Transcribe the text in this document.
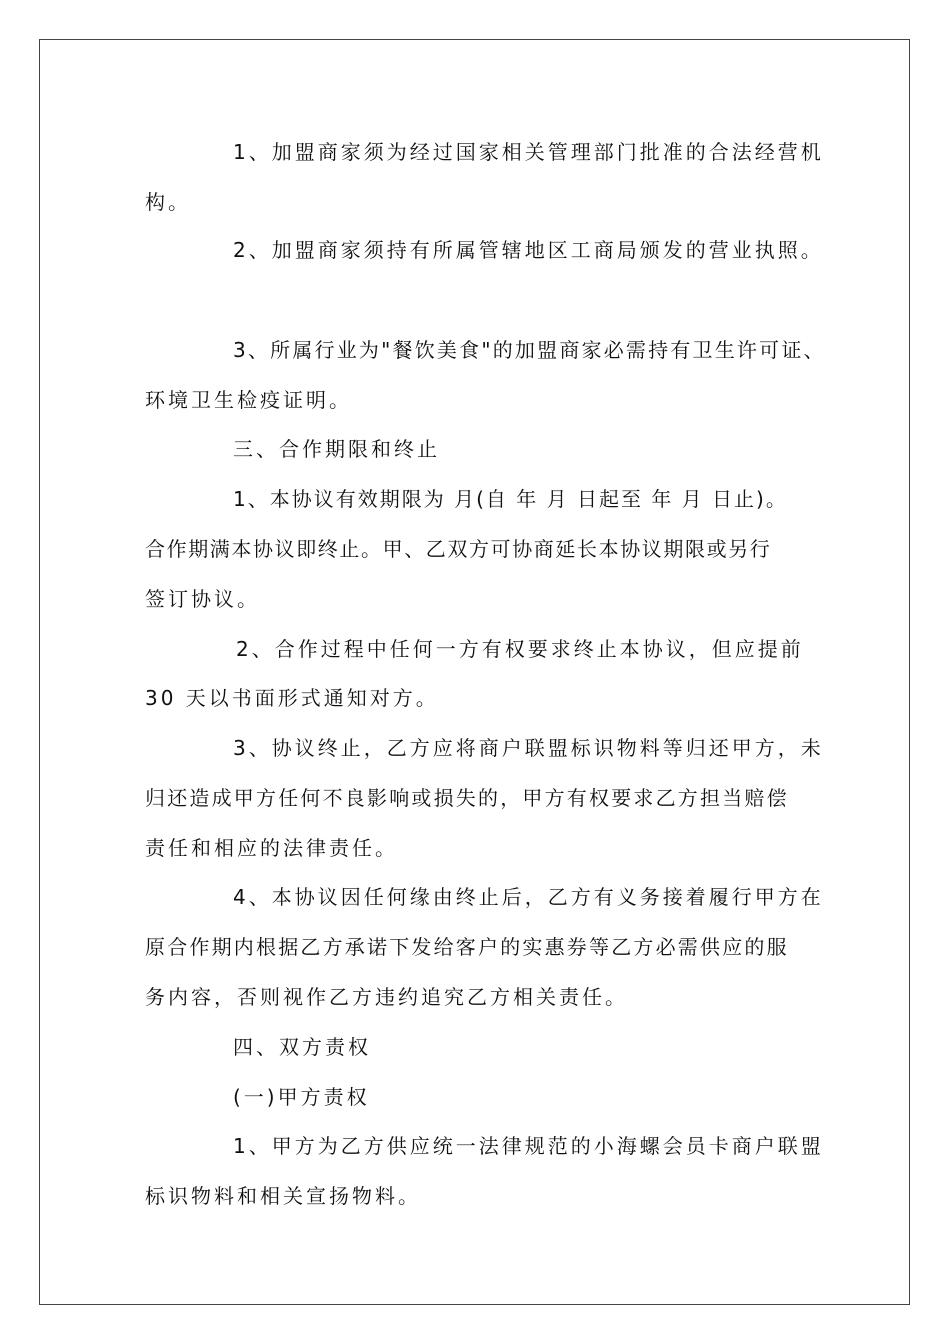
1、加盟商家须为经过国家相关管理部门批准的合法经营机
构。
2、加盟商家须持有所属管辖地区工商局颁发的营业执照。
3、所属行业为"餐饮美食"的加盟商家必需持有卫生许可证、
环境卫生检疫证明。
三、合作期限和终止
1、本协议有效期限为 月(自 年 月 日起至 年 月 日止)。
合作期满本协议即终止。甲、乙双方可协商延长本协议期限或另行
签订协议。
2、合作过程中任何一方有权要求终止本协议，但应提前
30 天以书面形式通知对方。
3、协议终止，乙方应将商户联盟标识物料等归还甲方，未
归还造成甲方任何不良影响或损失的，甲方有权要求乙方担当赔偿
责任和相应的法律责任。
4、本协议因任何缘由终止后，乙方有义务接着履行甲方在
原合作期内根据乙方承诺下发给客户的实惠券等乙方必需供应的服
务内容，否则视作乙方违约追究乙方相关责任。
四、双方责权
(一)甲方责权
1、甲方为乙方供应统一法律规范的小海螺会员卡商户联盟
标识物料和相关宣扬物料。
